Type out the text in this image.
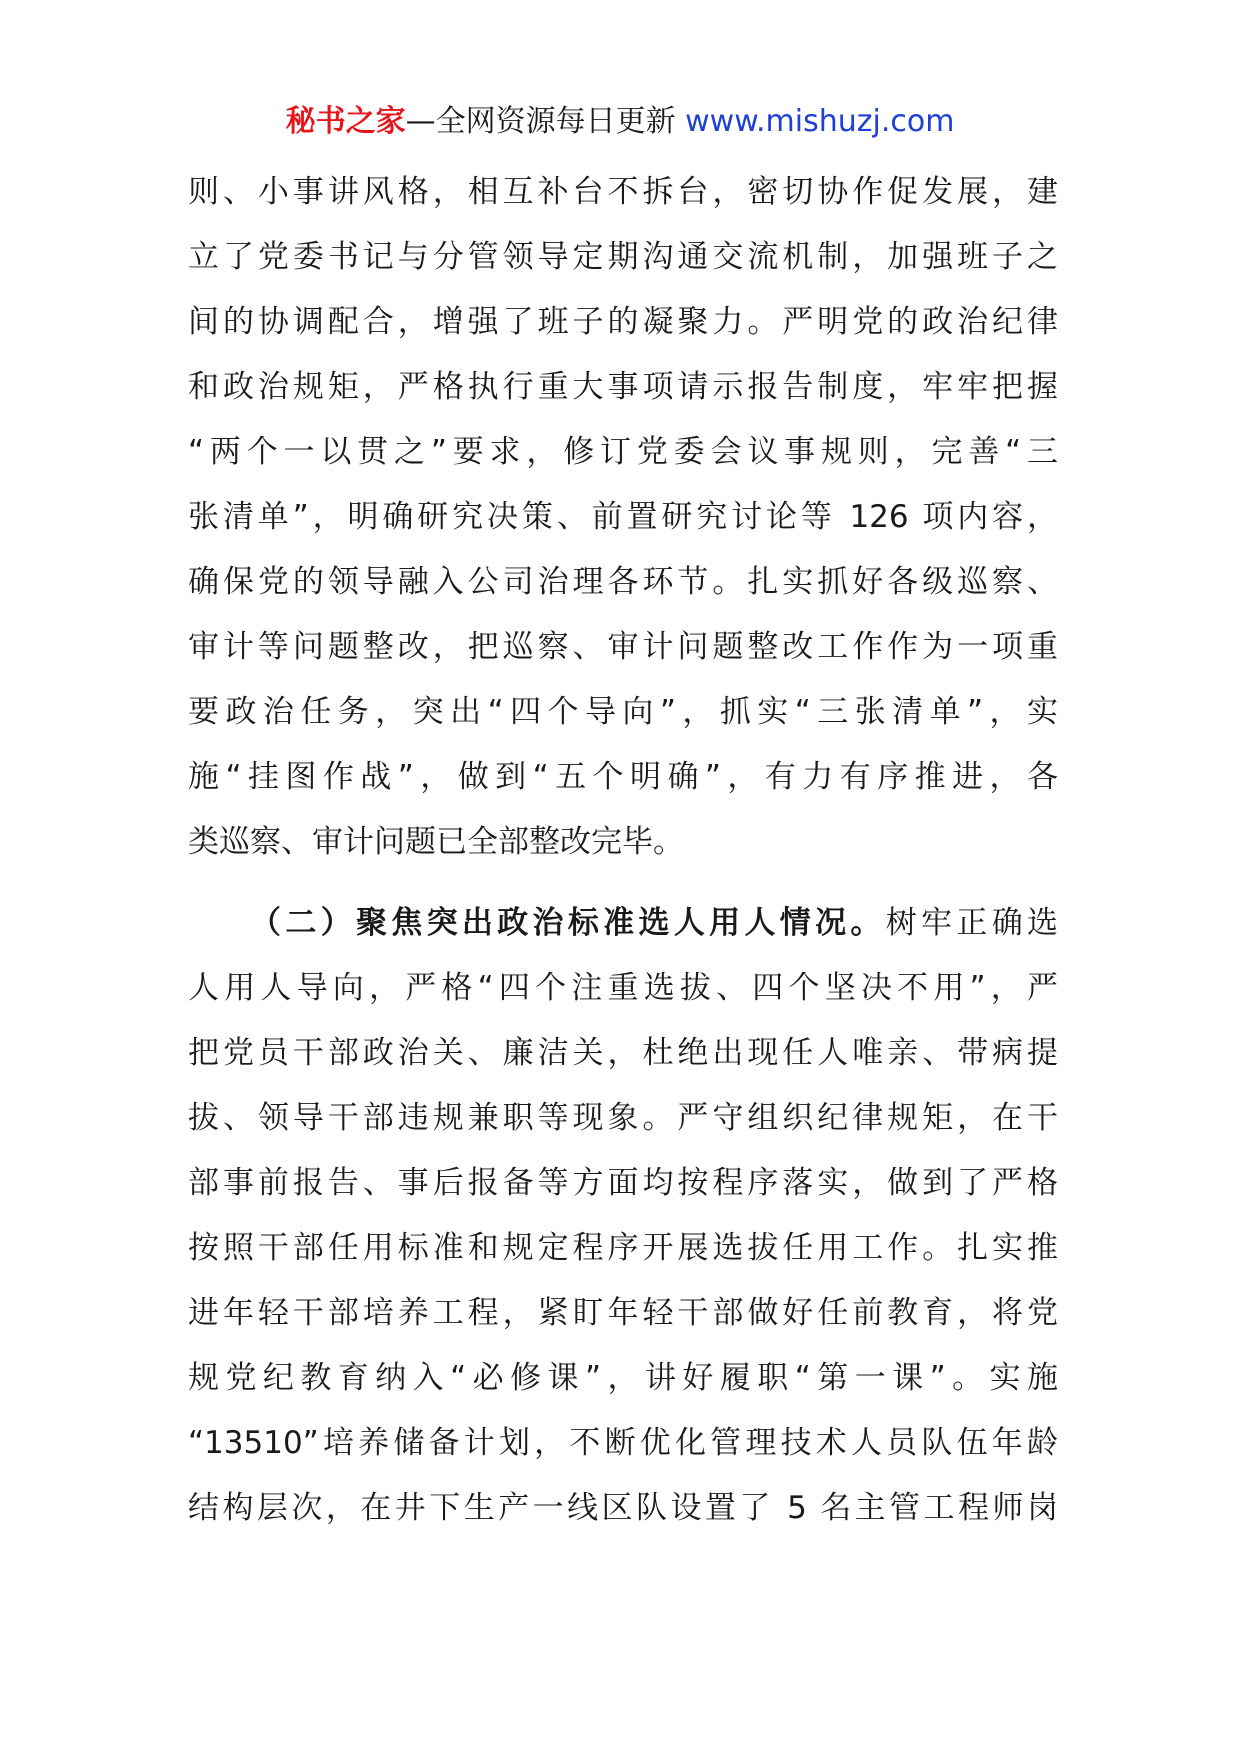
秘书之家—全网资源每日更新 www.mishuzj.com
则、小事讲风格，相互补台不拆台，密切协作促发展，建
立了党委书记与分管领导定期沟通交流机制，加强班子之
间的协调配合，增强了班子的凝聚力。严明党的政治纪律
和政治规矩，严格执行重大事项请示报告制度，牢牢把握
“两个一以贯之”要求，修订党委会议事规则，完善“三
张清单”，明确研究决策、前置研究讨论等 126 项内容，
确保党的领导融入公司治理各环节。扎实抓好各级巡察、
审计等问题整改，把巡察、审计问题整改工作作为一项重
要政治任务，突出“四个导向”，抓实“三张清单”，实
施“挂图作战”，做到“五个明确”，有力有序推进，各
类巡察、审计问题已全部整改完毕。
（二）聚焦突出政治标准选人用人情况。树牢正确选
人用人导向，严格“四个注重选拔、四个坚决不用”，严
把党员干部政治关、廉洁关，杜绝出现任人唯亲、带病提
拔、领导干部违规兼职等现象。严守组织纪律规矩，在干
部事前报告、事后报备等方面均按程序落实，做到了严格
按照干部任用标准和规定程序开展选拔任用工作。扎实推
进年轻干部培养工程，紧盯年轻干部做好任前教育，将党
规党纪教育纳入“必修课”，讲好履职“第一课”。实施
“13510”培养储备计划，不断优化管理技术人员队伍年龄
结构层次，在井下生产一线区队设置了 5 名主管工程师岗
